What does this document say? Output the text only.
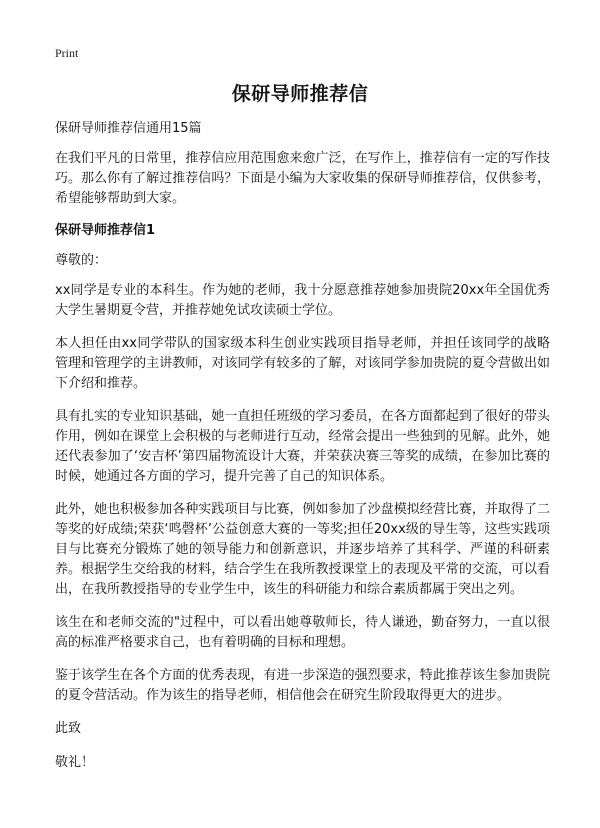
Print
保研导师推荐信
保研导师推荐信通用15篇

在我们平凡的日常里，推荐信应用范围愈来愈广泛，在写作上，推荐信有一定的写作技巧。那么你有了解过推荐信吗？下面是小编为大家收集的保研导师推荐信，仅供参考，希望能够帮助到大家。

保研导师推荐信1

尊敬的：

xx同学是专业的本科生。作为她的老师，我十分愿意推荐她参加贵院20xx年全国优秀大学生暑期夏令营，并推荐她免试攻读硕士学位。

本人担任由xx同学带队的国家级本科生创业实践项目指导老师，并担任该同学的战略管理和管理学的主讲教师，对该同学有较多的了解，对该同学参加贵院的夏令营做出如下介绍和推荐。

具有扎实的专业知识基础，她一直担任班级的学习委员，在各方面都起到了很好的带头作用，例如在课堂上会积极的与老师进行互动，经常会提出一些独到的见解。此外，她还代表参加了‘安吉杯’第四届物流设计大赛，并荣获决赛三等奖的成绩，在参加比赛的时候，她通过各方面的学习，提升完善了自己的知识体系。

此外，她也积极参加各种实践项目与比赛，例如参加了沙盘模拟经营比赛，并取得了二等奖的好成绩;荣获‘鸣磬杯’公益创意大赛的一等奖;担任20xx级的导生等，这些实践项目与比赛充分锻炼了她的领导能力和创新意识，并逐步培养了其科学、严谨的科研素养。根据学生交给我的材料，结合学生在我所教授课堂上的表现及平常的交流，可以看出，在我所教授指导的专业学生中，该生的科研能力和综合素质都属于突出之列。

该生在和老师交流的"过程中，可以看出她尊敬师长，待人谦逊，勤奋努力，一直以很高的标准严格要求自己，也有着明确的目标和理想。

鉴于该学生在各个方面的优秀表现，有进一步深造的强烈要求，特此推荐该生参加贵院的夏令营活动。作为该生的指导老师，相信他会在研究生阶段取得更大的进步。

此致

敬礼！
